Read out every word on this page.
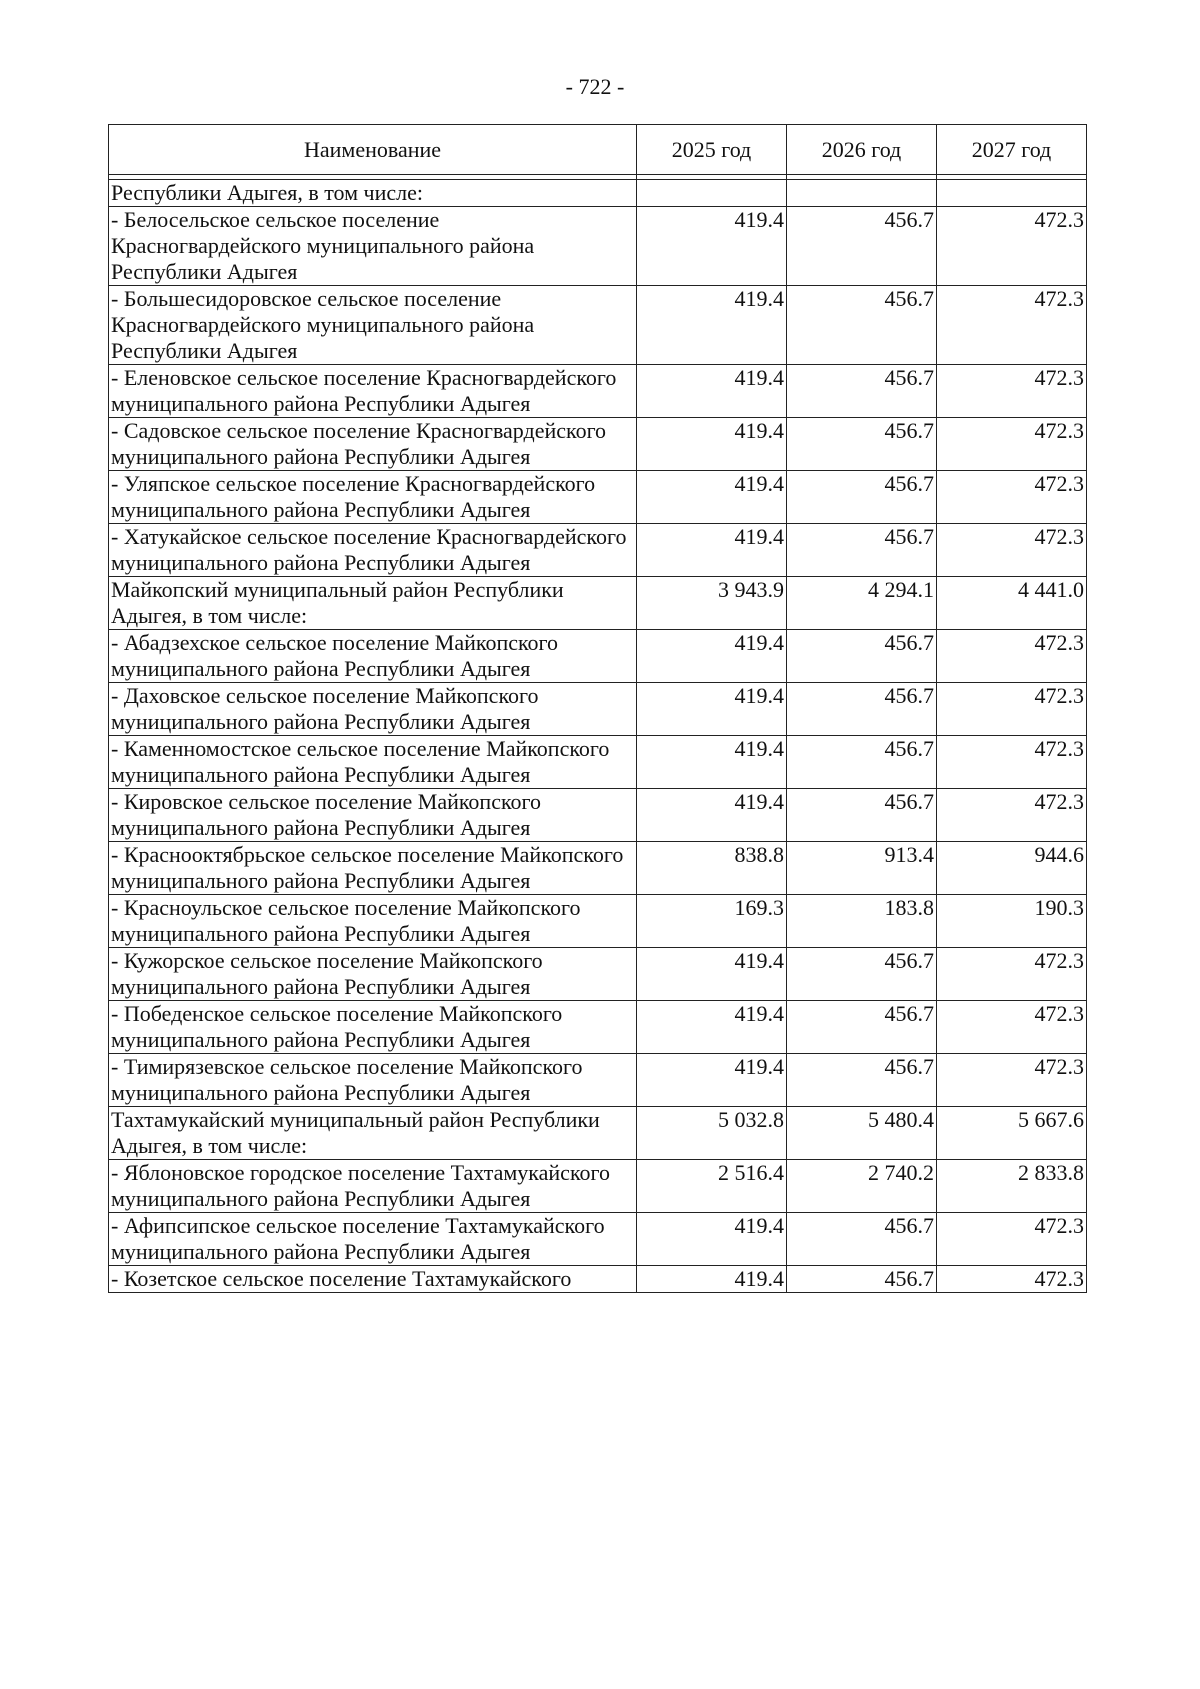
- 722 -
Наименование	2025 год	2026 год	2027 год

Республики Адыгея, в том числе:			
- Белосельское сельское поселение Красногвардейского муниципального района Республики Адыгея	419.4	456.7	472.3
- Большесидоровское сельское поселение Красногвардейского муниципального района Республики Адыгея	419.4	456.7	472.3
- Еленовское сельское поселение Красногвардейского муниципального района Республики Адыгея	419.4	456.7	472.3
- Садовское сельское поселение Красногвардейского муниципального района Республики Адыгея	419.4	456.7	472.3
- Уляпское сельское поселение Красногвардейского муниципального района Республики Адыгея	419.4	456.7	472.3
- Хатукайское сельское поселение Красногвардейского муниципального района Республики Адыгея	419.4	456.7	472.3
Майкопский муниципальный район Республики Адыгея, в том числе:	3 943.9	4 294.1	4 441.0
- Абадзехское сельское поселение Майкопского муниципального района Республики Адыгея	419.4	456.7	472.3
- Даховское сельское поселение Майкопского муниципального района Республики Адыгея	419.4	456.7	472.3
- Каменномостское сельское поселение Майкопского муниципального района Республики Адыгея	419.4	456.7	472.3
- Кировское сельское поселение Майкопского муниципального района Республики Адыгея	419.4	456.7	472.3
- Краснооктябрьское сельское поселение Майкопского муниципального района Республики Адыгея	838.8	913.4	944.6
- Красноульское сельское поселение Майкопского муниципального района Республики Адыгея	169.3	183.8	190.3
- Кужорское сельское поселение Майкопского муниципального района Республики Адыгея	419.4	456.7	472.3
- Победенское сельское поселение Майкопского муниципального района Республики Адыгея	419.4	456.7	472.3
- Тимирязевское сельское поселение Майкопского муниципального района Республики Адыгея	419.4	456.7	472.3
Тахтамукайский муниципальный район Республики Адыгея, в том числе:	5 032.8	5 480.4	5 667.6
- Яблоновское городское поселение Тахтамукайского муниципального района Республики Адыгея	2 516.4	2 740.2	2 833.8
- Афипсипское сельское поселение Тахтамукайского муниципального района Республики Адыгея	419.4	456.7	472.3
- Козетское сельское поселение Тахтамукайского	419.4	456.7	472.3
